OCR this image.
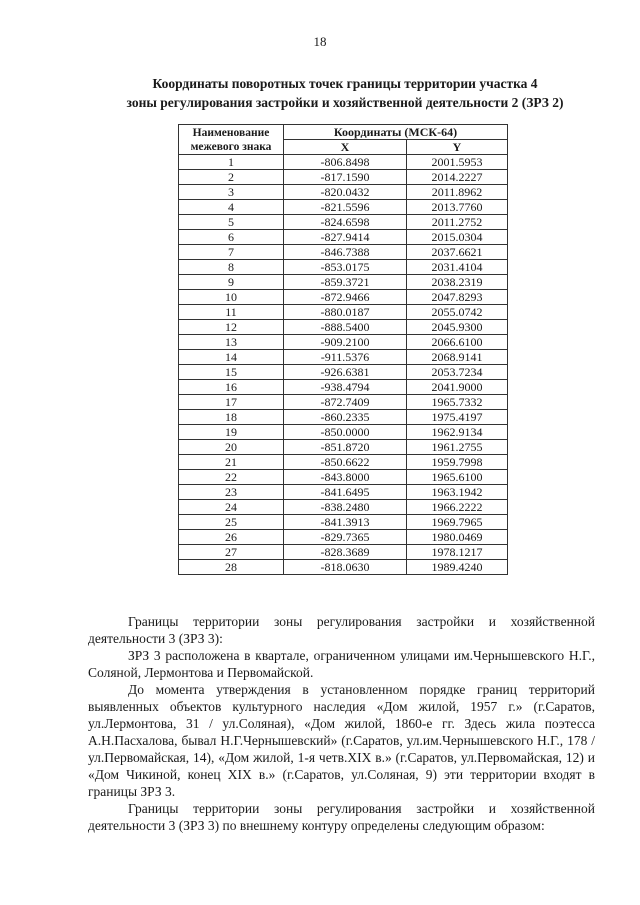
18
Координаты поворотных точек границы территории участка 4
зоны регулирования застройки и хозяйственной деятельности 2 (ЗРЗ 2)
Наименование межевого знака	Координаты (МСК-64)	
	X	Y
1	-806.8498	2001.5953
2	-817.1590	2014.2227
3	-820.0432	2011.8962
4	-821.5596	2013.7760
5	-824.6598	2011.2752
6	-827.9414	2015.0304
7	-846.7388	2037.6621
8	-853.0175	2031.4104
9	-859.3721	2038.2319
10	-872.9466	2047.8293
11	-880.0187	2055.0742
12	-888.5400	2045.9300
13	-909.2100	2066.6100
14	-911.5376	2068.9141
15	-926.6381	2053.7234
16	-938.4794	2041.9000
17	-872.7409	1965.7332
18	-860.2335	1975.4197
19	-850.0000	1962.9134
20	-851.8720	1961.2755
21	-850.6622	1959.7998
22	-843.8000	1965.6100
23	-841.6495	1963.1942
24	-838.2480	1966.2222
25	-841.3913	1969.7965
26	-829.7365	1980.0469
27	-828.3689	1978.1217
28	-818.0630	1989.4240

Границы территории зоны регулирования застройки и хозяйственной деятельности 3 (ЗРЗ 3):

ЗРЗ 3 расположена в квартале, ограниченном улицами им.Чернышевского Н.Г., Соляной, Лермонтова и Первомайской.

До момента утверждения в установленном порядке границ территорий выявленных объектов культурного наследия «Дом жилой, 1957 г.» (г.Саратов, ул.Лермонтова, 31 / ул.Соляная), «Дом жилой, 1860-е гг. Здесь жила поэтесса А.Н.Пасхалова, бывал Н.Г.Чернышевский» (г.Саратов, ул.им.Чернышевского Н.Г., 178 / ул.Первомайская, 14), «Дом жилой, 1-я четв.XIX в.» (г.Саратов, ул.Первомайская, 12) и «Дом Чикиной, конец XIX в.» (г.Саратов, ул.Соляная, 9) эти территории входят в границы ЗРЗ 3.

Границы территории зоны регулирования застройки и хозяйственной деятельности 3 (ЗРЗ 3) по внешнему контуру определены следующим образом:
